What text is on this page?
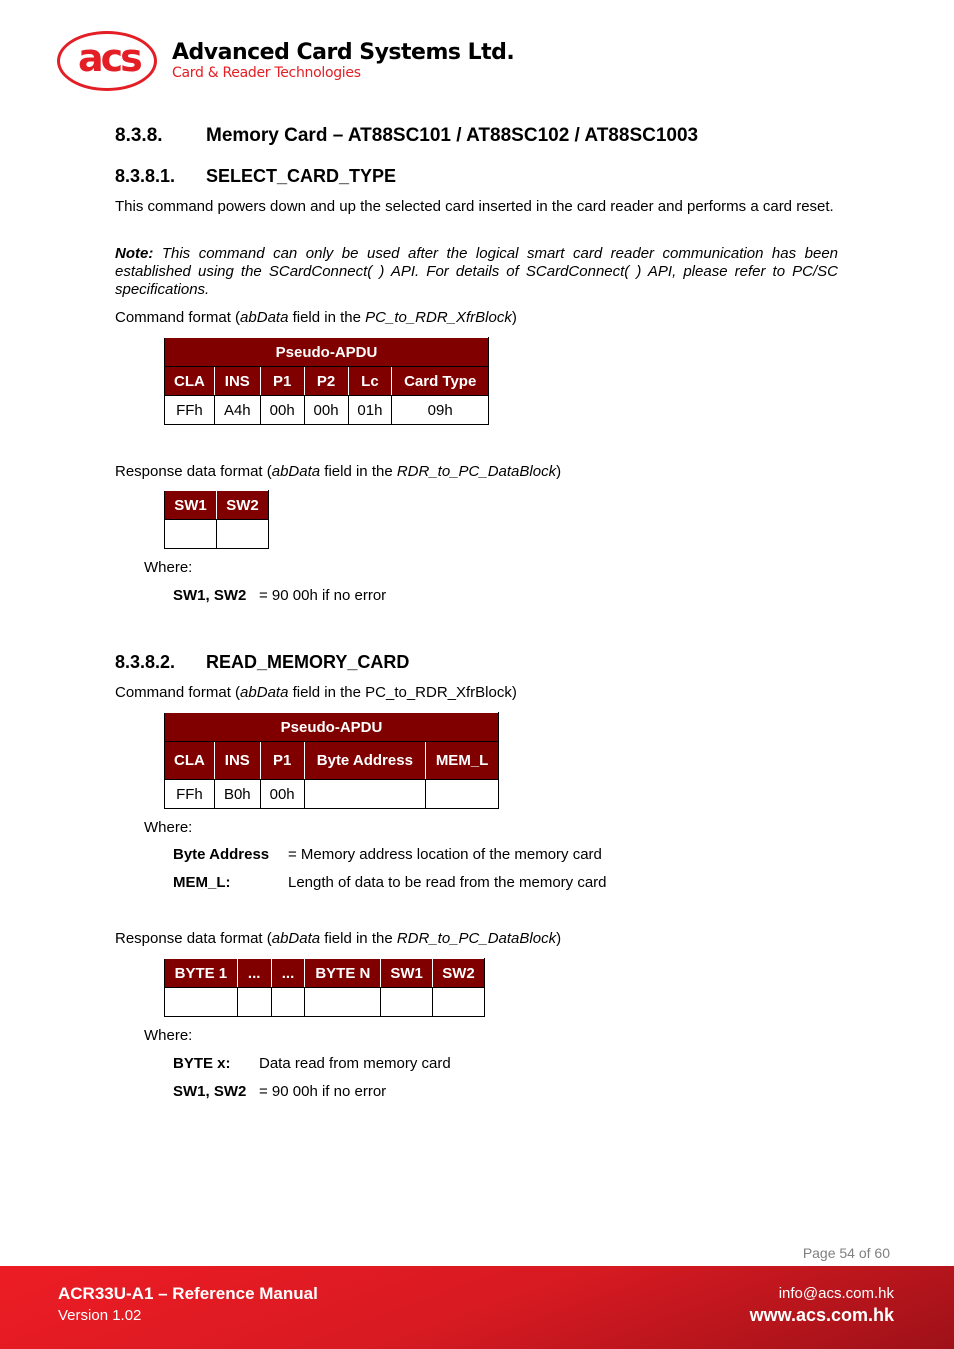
acs Advanced Card Systems Ltd.
Card & Reader Technologies
8.3.8. Memory Card – AT88SC101 / AT88SC102 / AT88SC1003
8.3.8.1. SELECT_CARD_TYPE
This command powers down and up the selected card inserted in the card reader and performs a card reset.
Note: This command can only be used after the logical smart card reader communication has been established using the SCardConnect( ) API. For details of SCardConnect( ) API, please refer to PC/SC specifications.
Command format (abData field in the PC_to_RDR_XfrBlock)
Pseudo-APDU					
CLA	INS	P1	P2	Lc	Card Type
FFh	A4h	00h	00h	01h	09h
Response data format (abData field in the RDR_to_PC_DataBlock)
SW1	SW2

Where:
SW1, SW2 = 90 00h if no error
8.3.8.2. READ_MEMORY_CARD
Command format (abData field in the PC_to_RDR_XfrBlock)
Pseudo-APDU				
CLA	INS	P1	Byte Address	MEM_L
FFh	B0h	00h		
Where:
Byte Address = Memory address location of the memory card
MEM_L:	Length of data to be read from the memory card
Response data format (abData field in the RDR_to_PC_DataBlock)
BYTE 1	...	...	BYTE N	SW1	SW2

Where:
BYTE x: Data read from memory card
SW1, SW2 = 90 00h if no error
Page 54 of 60
ACR33U-A1 – Reference Manual
Version 1.02
info@acs.com.hk
www.acs.com.hk
